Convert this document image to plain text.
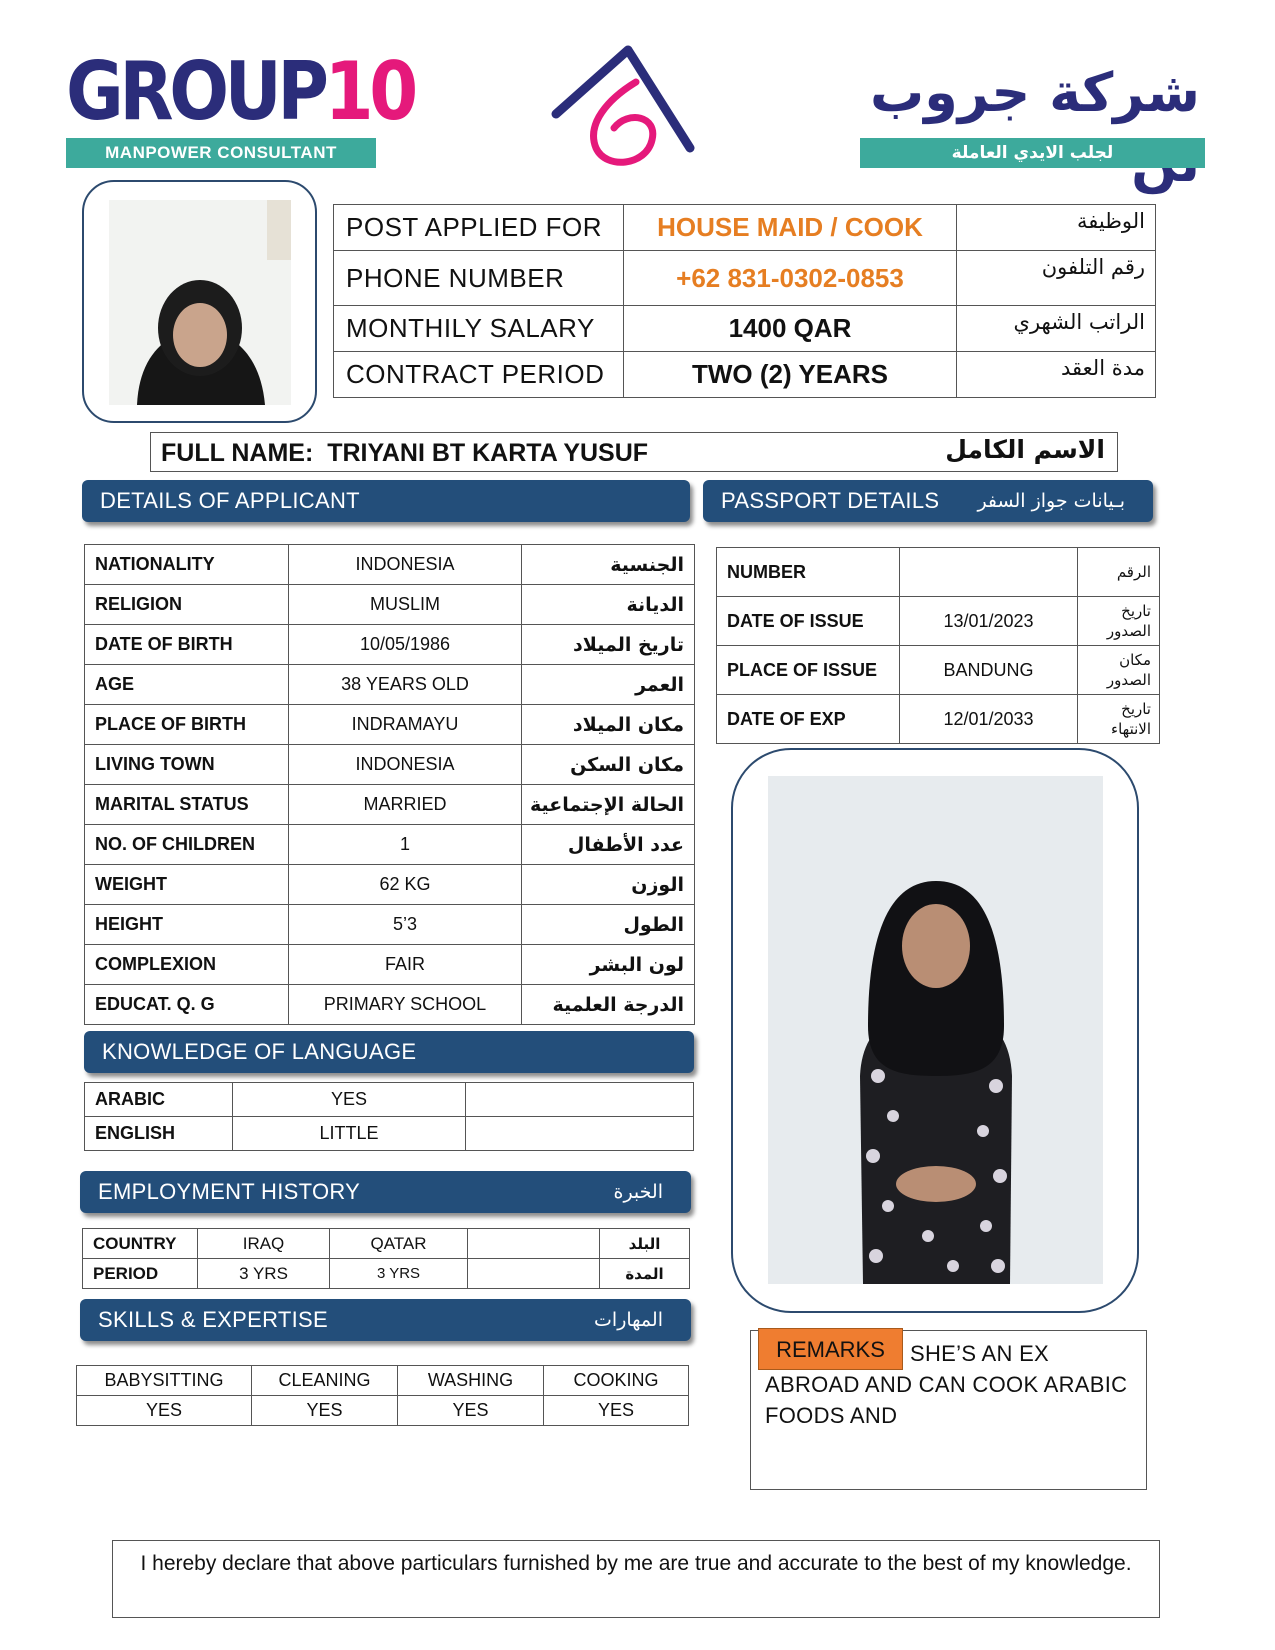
GROUP10
MANPOWER CONSULTANT
شركة جروب
لجلب الايدي العاملة
POST APPLIED FOR	HOUSE MAID / COOK	الوظيفة
PHONE NUMBER	+62 831-0302-0853	رقم التلفون
MONTHILY SALARY	1400 QAR	الراتب الشهري
CONTRACT PERIOD	TWO (2) YEARS	مدة العقد
FULL NAME: TRIYANI BT KARTA YUSUF	الاسم الكامل
DETAILS OF APPLICANT	PASSPORT DETAILS بـيانات جواز السفر
NATIONALITY	INDONESIA	الجنسية
RELIGION	MUSLIM	الديانة
DATE OF BIRTH	10/05/1986	تاريخ الميلاد
AGE	38 YEARS OLD	العمر
PLACE OF BIRTH	INDRAMAYU	مكان الميلاد
LIVING TOWN	INDONESIA	مكان السكن
MARITAL STATUS	MARRIED	الحالة الإجتماعية
NO. OF CHILDREN	1	عدد الأطفال
WEIGHT	62 KG	الوزن
HEIGHT	5’3	الطول
COMPLEXION	FAIR	لون البشر
EDUCAT. Q. G	PRIMARY SCHOOL	الدرجة العلمية
NUMBER		الرقم
DATE OF ISSUE	13/01/2023	تاريخ الصدور
PLACE OF ISSUE	BANDUNG	مكان الصدور
DATE OF EXP	12/01/2033	تاريخ الانتهاء
KNOWLEDGE OF LANGUAGE
ARABIC	YES	
ENGLISH	LITTLE	
EMPLOYMENT HISTORY	الخبرة
COUNTRY	IRAQ	QATAR		البلد
PERIOD	3 YRS	3 YRS		المدة
SKILLS & EXPERTISE	المهارات
BABYSITTING	CLEANING	WASHING	COOKING
YES	YES	YES	YES
SHE’S AN EX ABROAD AND CAN COOK ARABIC FOODS AND
REMARKS
I hereby declare that above particulars furnished by me are true and accurate to the best of my knowledge.
